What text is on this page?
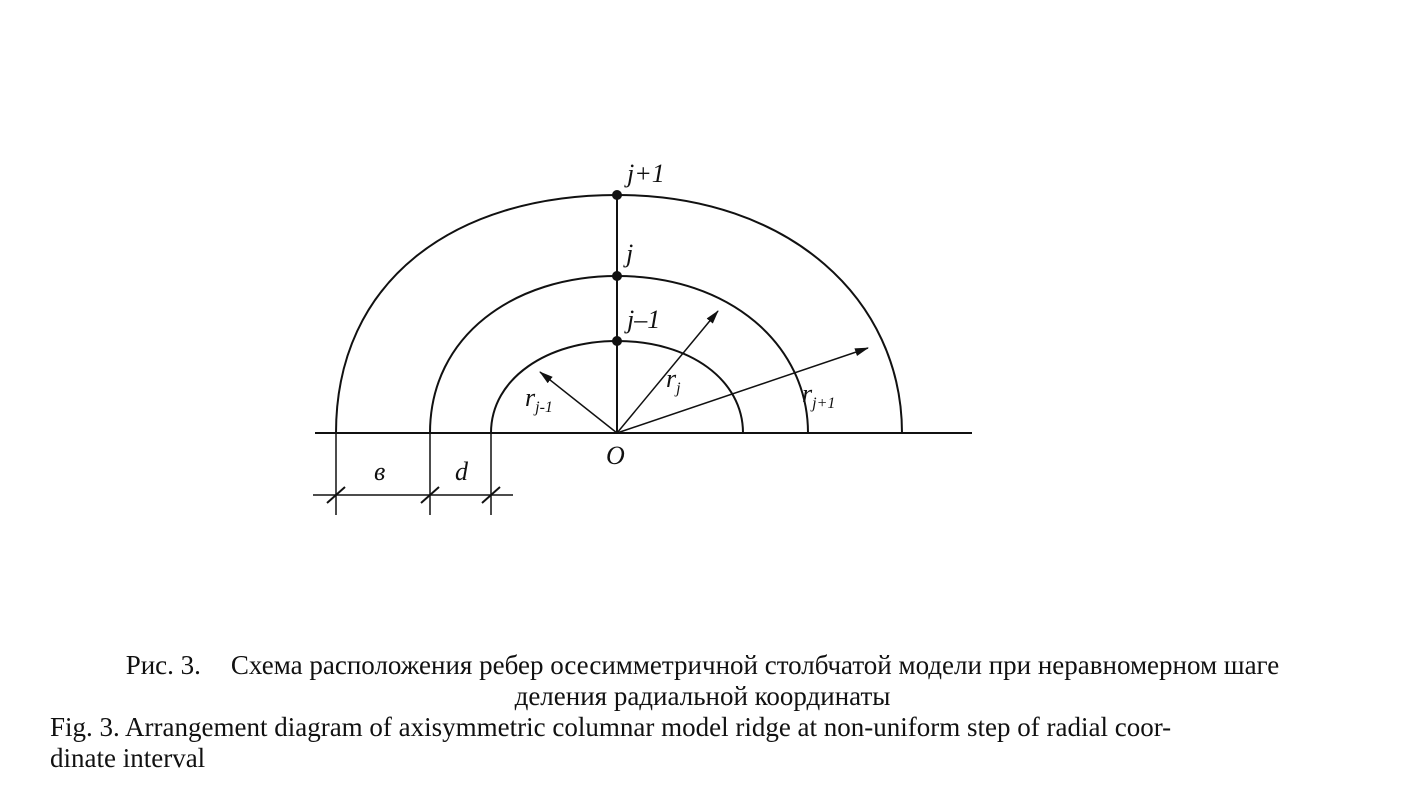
j+1
j
j–1
O
$r_{j-1}$
$r_j$	$r_{j+1}$
в	d
Рис. 3. Схема расположения ребер осесимметричной столбчатой модели при неравномерном шаге
деления радиальной координаты
Fig. 3. Arrangement diagram of axisymmetric columnar model ridge at non-uniform step of radial coor-
dinate interval
